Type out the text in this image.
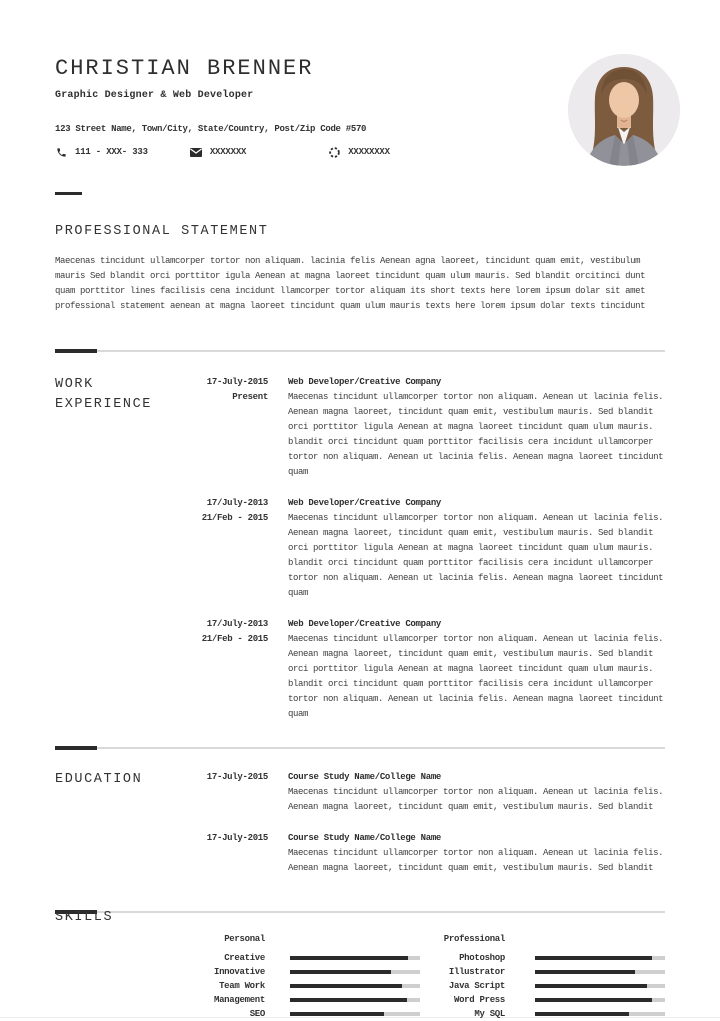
CHRISTIAN BRENNER
Graphic Designer & Web Developer
123 Street Name, Town/City, State/Country, Post/Zip Code #570
111 - XXX- 333	XXXXXXX	XXXXXXXX
PROFESSIONAL STATEMENT

Maecenas tincidunt ullamcorper tortor non aliquam. lacinia felis Aenean agna laoreet, tincidunt quam emit, vestibulum mauris Sed blandit orci porttitor igula Aenean at magna laoreet tincidunt quam ulum mauris. Sed blandit orcitinci dunt quam porttitor lines facilisis cena incidunt llamcorper tortor aliquam its short texts here lorem ipsum dolar sit amet professional statement aenean at magna laoreet tincidunt quam ulum mauris texts here lorem ipsum dolar texts tincidunt

WORK
EXPERIENCE
17-July-2015
Present
Web Developer/Creative Company

Maecenas tincidunt ullamcorper tortor non aliquam. Aenean ut lacinia felis. Aenean magna laoreet, tincidunt quam emit, vestibulum mauris. Sed blandit orci porttitor ligula Aenean at magna laoreet tincidunt quam ulum mauris. blandit orci tincidunt quam porttitor facilisis cera incidunt ullamcorper tortor non aliquam. Aenean ut lacinia felis. Aenean magna laoreet tincidunt quam

17/July-2013
21/Feb - 2015
Web Developer/Creative Company

Maecenas tincidunt ullamcorper tortor non aliquam. Aenean ut lacinia felis. Aenean magna laoreet, tincidunt quam emit, vestibulum mauris. Sed blandit orci porttitor ligula Aenean at magna laoreet tincidunt quam ulum mauris. blandit orci tincidunt quam porttitor facilisis cera incidunt ullamcorper tortor non aliquam. Aenean ut lacinia felis. Aenean magna laoreet tincidunt quam

17/July-2013
21/Feb - 2015
Web Developer/Creative Company

Maecenas tincidunt ullamcorper tortor non aliquam. Aenean ut lacinia felis. Aenean magna laoreet, tincidunt quam emit, vestibulum mauris. Sed blandit orci porttitor ligula Aenean at magna laoreet tincidunt quam ulum mauris. blandit orci tincidunt quam porttitor facilisis cera incidunt ullamcorper tortor non aliquam. Aenean ut lacinia felis. Aenean magna laoreet tincidunt quam

EDUCATION	17-July-2015 Course Study Name/College Name

Maecenas tincidunt ullamcorper tortor non aliquam. Aenean ut lacinia felis. Aenean magna laoreet, tincidunt quam emit, vestibulum mauris. Sed blandit

17-July-2015 Course Study Name/College Name

Maecenas tincidunt ullamcorper tortor non aliquam. Aenean ut lacinia felis. Aenean magna laoreet, tincidunt quam emit, vestibulum mauris. Sed blandit

SKILLS
Personal	Professional
Creative	Photoshop
Innovative	Illustrator
Team Work	Java Script
Management	Word Press
SEO	My SQL
